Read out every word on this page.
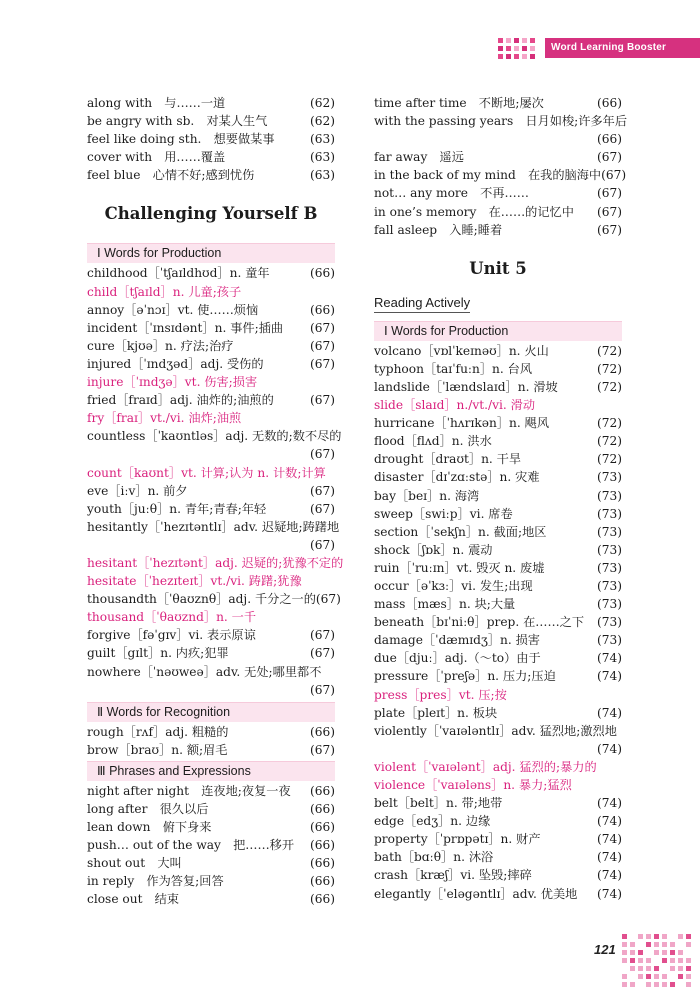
Word Learning Booster
along with　与……一道	(62)
be angry with sb.　对某人生气	(62)
feel like doing sth.　想要做某事	(63)
cover with　用……覆盖	(63)
feel blue　心情不好;感到忧伤	(63)
Challenging Yourself B
Ⅰ Words for Production
childhood［ˈtʃaɪldhʊd］n. 童年	(66)
child［tʃaɪld］n. 儿童;孩子
annoy［əˈnɔɪ］vt. 使……烦恼	(66)
incident［ˈɪnsɪdənt］n. 事件;插曲 (67)
cure［kjʊə］n. 疗法;治疗	(67)
injured［ˈɪndʒəd］adj. 受伤的	(67)
injure［ˈɪndʒə］vt. 伤害;损害
fried［fraɪd］adj. 油炸的;油煎的	(67)
fry［fraɪ］vt./vi. 油炸;油煎
countless［ˈkaʊntləs］adj. 无数的;数不尽的
(67)
count［kaʊnt］vt. 计算;认为 n. 计数;计算
eve［iːv］n. 前夕	(67)
youth［juːθ］n. 青年;青春;年轻	(67)
hesitantly［ˈhezɪtəntlɪ］adv. 迟疑地;踌躇地
(67)
hesitant［ˈhezɪtənt］adj. 迟疑的;犹豫不定的
hesitate［ˈhezɪteɪt］vt./vi. 踌躇;犹豫
thousandth［ˈθaʊznθ］adj. 千分之一的 (67)
thousand［ˈθaʊznd］n. 一千
forgive［fəˈgɪv］vi. 表示原谅	(67)
guilt［gɪlt］n. 内疚;犯罪	(67)
nowhere［ˈnəʊweə］adv. 无处;哪里都不
(67)
Ⅱ Words for Recognition
rough［rʌf］adj. 粗糙的	(66)
brow［braʊ］n. 额;眉毛	(67)
Ⅲ Phrases and Expressions
night after night　连夜地;夜复一夜 (66)
long after　很久以后	(66)
lean down　俯下身来	(66)
push… out of the way　把……移开 (66)
shout out　大叫	(66)
in reply　作为答复;回答	(66)
close out　结束	(66)
time after time　不断地;屡次	(66)
with the passing years　日月如梭;许多年后
(66)
far away　遥远	(67)
in the back of my mind　在我的脑海中 (67)
not… any more　不再……	(67)
in one’s memory　在……的记忆中 (67)
fall asleep　入睡;睡着	(67)
Unit 5
Reading Actively
Ⅰ Words for Production
volcano［vɒlˈkeɪnəʊ］n. 火山	(72)
typhoon［taɪˈfuːn］n. 台风	(72)
landslide［ˈlændslaɪd］n. 滑坡	(72)
slide［slaɪd］n./vt./vi. 滑动
hurricane［ˈhʌrɪkən］n. 飓风	(72)
flood［flʌd］n. 洪水	(72)
drought［draʊt］n. 干旱	(72)
disaster［dɪˈzɑːstə］n. 灾难	(73)
bay［beɪ］n. 海湾	(73)
sweep［swiːp］vi. 席卷	(73)
section［ˈsekʃn］n. 截面;地区	(73)
shock［ʃɒk］n. 震动	(73)
ruin［ˈruːɪn］vt. 毁灭 n. 废墟	(73)
occur［əˈkɜː］vi. 发生;出现	(73)
mass［mæs］n. 块;大量	(73)
beneath［bɪˈniːθ］prep. 在……之下 (73)
damage［ˈdæmɪdʒ］n. 损害	(73)
due［djuː］adj.（～to）由于	(74)
pressure［ˈpreʃə］n. 压力;压迫	(74)
press［pres］vt. 压;按
plate［pleɪt］n. 板块	(74)
violently［ˈvaɪələntlɪ］adv. 猛烈地;激烈地
(74)
violent［ˈvaɪələnt］adj. 猛烈的;暴力的
violence［ˈvaɪələns］n. 暴力;猛烈
belt［belt］n. 带;地带	(74)
edge［edʒ］n. 边缘	(74)
property［ˈprɒpətɪ］n. 财产	(74)
bath［bɑːθ］n. 沐浴	(74)
crash［kræʃ］vi. 坠毁;摔碎	(74)
elegantly［ˈeləgəntlɪ］adv. 优美地 (74)
121
